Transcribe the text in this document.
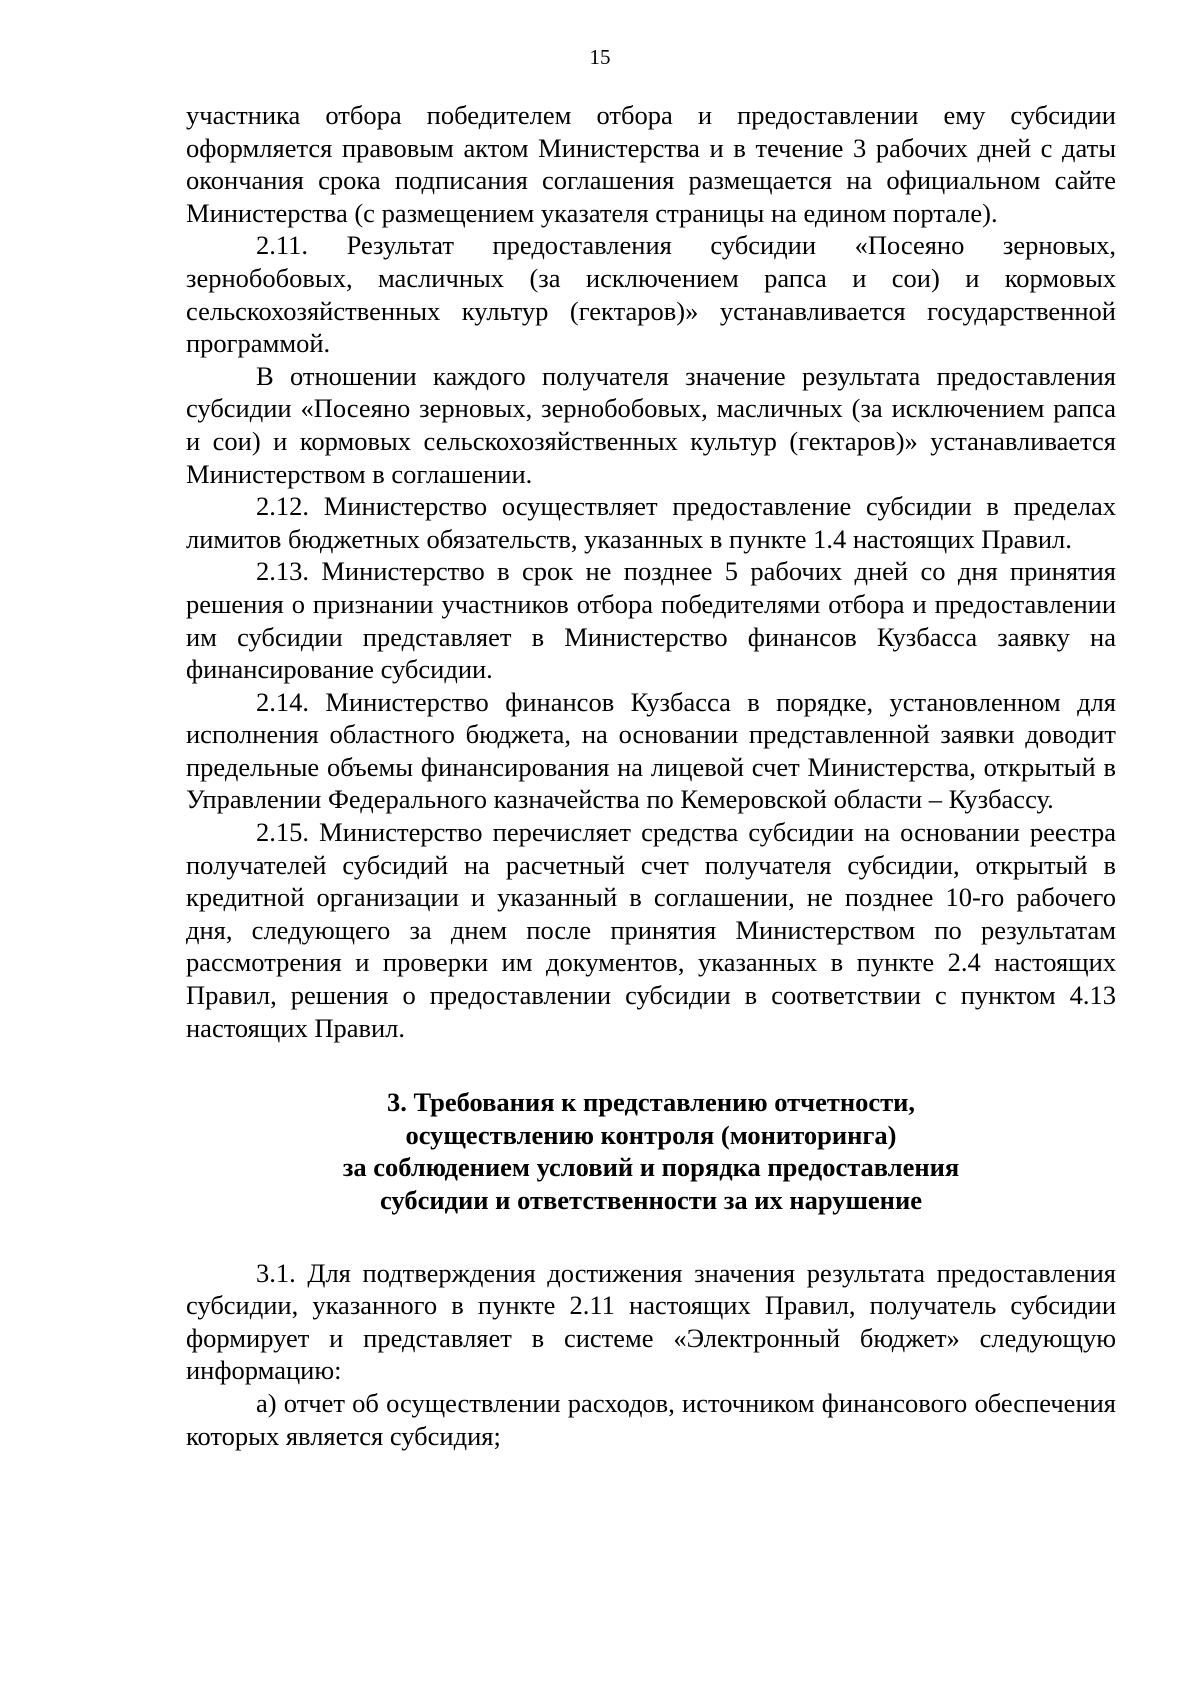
15

участника отбора победителем отбора и предоставлении ему субсидии оформляется правовым актом Министерства и в течение 3 рабочих дней с даты окончания срока подписания соглашения размещается на официальном сайте Министерства (с размещением указателя страницы на едином портале).

2.11. Результат предоставления субсидии «Посеяно зерновых, зернобобовых, масличных (за исключением рапса и сои) и кормовых сельскохозяйственных культур (гектаров)» устанавливается государственной программой.

В отношении каждого получателя значение результата предоставления субсидии «Посеяно зерновых, зернобобовых, масличных (за исключением рапса и сои) и кормовых сельскохозяйственных культур (гектаров)» устанавливается Министерством в соглашении.

2.12. Министерство осуществляет предоставление субсидии в пределах лимитов бюджетных обязательств, указанных в пункте 1.4 настоящих Правил.

2.13. Министерство в срок не позднее 5 рабочих дней со дня принятия решения о признании участников отбора победителями отбора и предоставлении им субсидии представляет в Министерство финансов Кузбасса заявку на финансирование субсидии.

2.14. Министерство финансов Кузбасса в порядке, установленном для исполнения областного бюджета, на основании представленной заявки доводит предельные объемы финансирования на лицевой счет Министерства, открытый в Управлении Федерального казначейства по Кемеровской области – Кузбассу.

2.15. Министерство перечисляет средства субсидии на основании реестра получателей субсидий на расчетный счет получателя субсидии, открытый в кредитной организации и указанный в соглашении, не позднее 10-го рабочего дня, следующего за днем после принятия Министерством по результатам рассмотрения и проверки им документов, указанных в пункте 2.4 настоящих Правил, решения о предоставлении субсидии в соответствии с пунктом 4.13 настоящих Правил.

3. Требования к представлению отчетности,
осуществлению контроля (мониторинга)
за соблюдением условий и порядка предоставления
субсидии и ответственности за их нарушение

3.1. Для подтверждения достижения значения результата предоставления субсидии, указанного в пункте 2.11 настоящих Правил, получатель субсидии формирует и представляет в системе «Электронный бюджет» следующую информацию:

а) отчет об осуществлении расходов, источником финансового обеспечения которых является субсидия;
